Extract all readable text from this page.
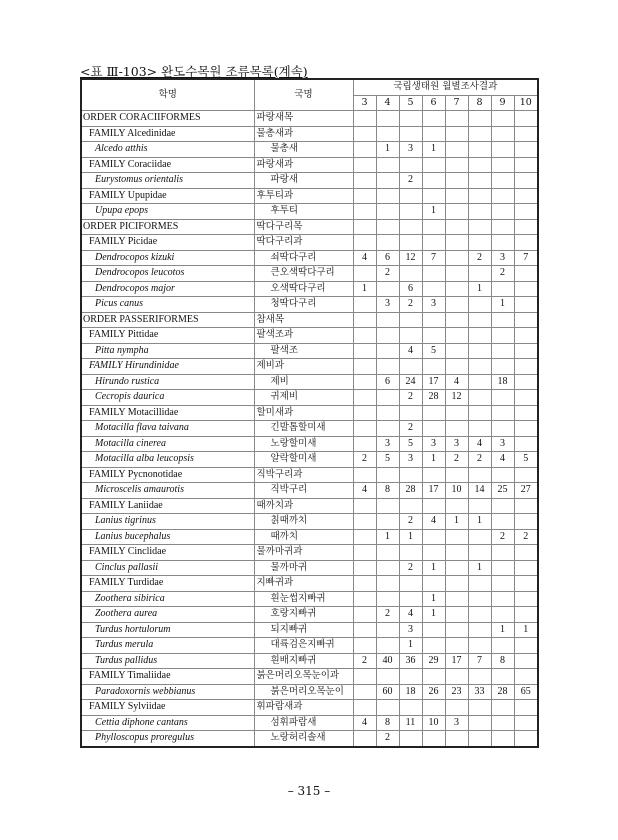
<표 Ⅲ-103> 완도수목원 조류목록(계속)
학명	국명	국립생태원 월별조사결과							
		3	4	5	6	7	8	9	10
ORDER CORACIIFORMES	파랑새목								
FAMILY Alcedinidae	물총새과								
Alcedo atthis	물총새		1	3	1				
FAMILY Coraciidae	파랑새과								
Eurystomus orientalis	파랑새			2					
FAMILY Upupidae	후투티과								
Upupa epops	후투티				1				
ORDER PICIFORMES	딱다구리목								
FAMILY Picidae	딱다구리과								
Dendrocopos kizuki	쇠딱다구리	4	6	12	7		2	3	7
Dendrocopos leucotos	큰오색딱다구리		2					2	
Dendrocopos major	오색딱다구리	1		6			1		
Picus canus	청딱다구리		3	2	3			1	
ORDER PASSERIFORMES	참새목								
FAMILY Pittidae	팔색조과								
Pitta nympha	팔색조			4	5				
FAMILY Hirundinidae	제비과								
Hirundo rustica	제비		6	24	17	4		18	
Cecropis daurica	귀제비			2	28	12			
FAMILY Motacillidae	할미새과								
Motacilla flava taivana	긴발톱할미새			2					
Motacilla cinerea	노랑할미새		3	5	3	3	4	3	
Motacilla alba leucopsis	알락할미새	2	5	3	1	2	2	4	5
FAMILY Pycnonotidae	직박구리과								
Microscelis amaurotis	직박구리	4	8	28	17	10	14	25	27
FAMILY Laniidae	때까치과								
Lanius tigrinus	칡때까치			2	4	1	1		
Lanius bucephalus	때까치		1	1				2	2
FAMILY Cinclidae	물까마귀과								
Cinclus pallasii	물까마귀			2	1		1		
FAMILY Turdidae	지빠귀과								
Zoothera sibirica	흰눈썹지빠귀				1				
Zoothera aurea	호랑지빠귀		2	4	1				
Turdus hortulorum	되지빠귀			3				1	1
Turdus merula	대륙검은지빠귀			1					
Turdus pallidus	흰배지빠귀	2	40	36	29	17	7	8	
FAMILY Timaliidae	붉은머리오목눈이과								
Paradoxornis webbianus	붉은머리오목눈이		60	18	26	23	33	28	65
FAMILY Sylviidae	휘파람새과								
Cettia diphone cantans	섬휘파람새	4	8	11	10	3			
Phylloscopus proregulus	노랑허리솔새		2						
– 315 –
